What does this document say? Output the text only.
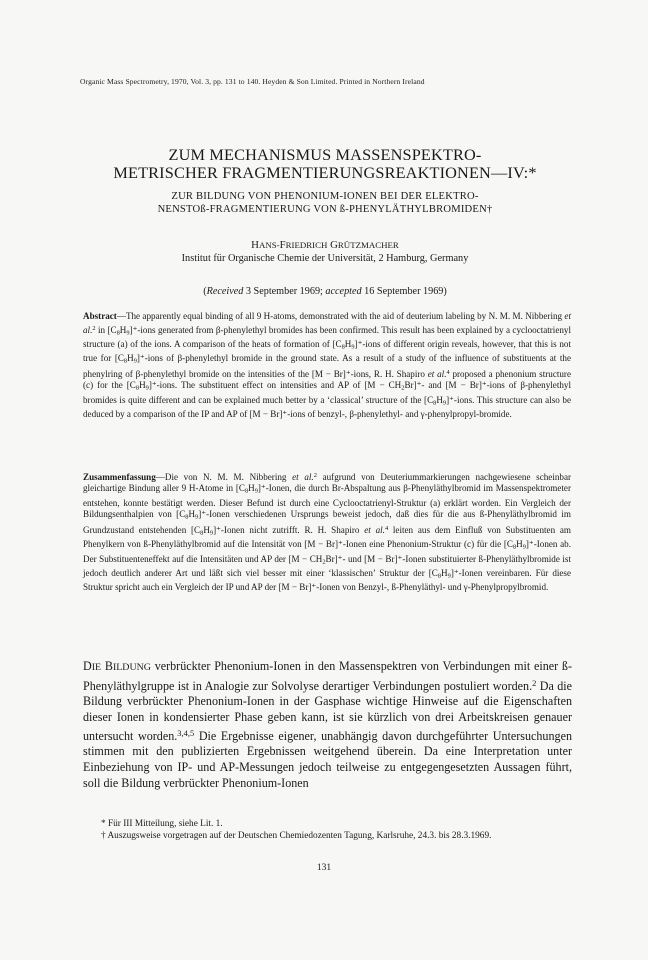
Organic Mass Spectrometry, 1970, Vol. 3, pp. 131 to 140. Heyden & Son Limited. Printed in Northern Ireland
ZUM MECHANISMUS MASSENSPEKTRO-
METRISCHER FRAGMENTIERUNGSREAKTIONEN—IV:*
ZUR BILDUNG VON PHENONIUM-IONEN BEI DER ELEKTRO-
NENSTOß-FRAGMENTIERUNG VON ß-PHENYLÄTHYLBROMIDEN†
HANS-FRIEDRICH GRÜTZMACHER
Institut für Organische Chemie der Universität, 2 Hamburg, Germany
(Received 3 September 1969; accepted 16 September 1969)
Abstract—The apparently equal binding of all 9 H-atoms, demonstrated with the aid of deuterium labeling by N. M. M. Nibbering et al.$^2$ in $[C_8H_9]^+$-ions generated from β-phenylethyl bromides has been confirmed. This result has been explained by a cyclooctatrienyl structure (a) of the ions. A comparison of the heats of formation of $[C_8H_9]^+$-ions of different origin reveals, however, that this is not true for $[C_8H_9]^+$-ions of β-phenylethyl bromide in the ground state. As a result of a study of the influence of substituents at the phenylring of β-phenylethyl bromide on the intensities of the [M − Br]⁺-ions, R. H. Shapiro et al.$^4$ proposed a phenonium structure (c) for the $[C_8H_9]^+$-ions. The substituent effect on intensities and AP of $[M - CH_2Br]^+-$ and [M − Br]⁺-ions of β-phenylethyl bromides is quite different and can be explained much better by a ‘classical’ structure of the $[C_8H_9]^+$-ions. This structure can also be deduced by a comparison of the IP and AP of [M − Br]⁺-ions of benzyl-, β-phenylethyl- and γ-phenylpropyl-bromide.
Zusammenfassung—Die von N. M. M. Nibbering et al.$^2$ aufgrund von Deuteriummarkierungen nachgewiesene scheinbar gleichartige Bindung aller 9 H-Atome in $[C_8H_9]^+$-Ionen, die durch Br-Abspaltung aus β-Phenyläthylbromid im Massenspektrometer entstehen, konnte bestätigt werden. Dieser Befund ist durch eine Cyclooctatrienyl-Struktur (a) erklärt worden. Ein Vergleich der Bildungsenthalpien von $[C_8H_9]^+$-Ionen verschiedenen Ursprungs beweist jedoch, daß dies für die aus ß-Phenyläthylbromid im Grundzustand entstehenden $[C_8H_9]^+$-Ionen nicht zutrifft. R. H. Shapiro et al.$^4$ leiten aus dem Einfluß von Substituenten am Phenylkern von ß-Phenyläthylbromid auf die Intensität von [M − Br]⁺-Ionen eine Phenonium-Struktur (c) für die $[C_8H_9]^+$-Ionen ab. Der Substituenteneffekt auf die Intensitäten und AP der $[M - CH_2Br]^+-$ und [M − Br]⁺-Ionen substituierter ß-Phenyläthylbromide ist jedoch deutlich anderer Art und läßt sich viel besser mit einer ‘klassischen’ Struktur der $[C_8H_9]^+$-Ionen vereinbaren. Für diese Struktur spricht auch ein Vergleich der IP und AP der [M − Br]⁺-Ionen von Benzyl-, ß-Phenyläthyl- und γ-Phenylpropylbromid.
DIE BILDUNG verbrückter Phenonium-Ionen in den Massenspektren von Verbindungen mit einer ß-Phenyläthylgruppe ist in Analogie zur Solvolyse derartiger Verbindungen postuliert worden.$^2$ Da die Bildung verbrückter Phenonium-Ionen in der Gasphase wichtige Hinweise auf die Eigenschaften dieser Ionen in kondensierter Phase geben kann, ist sie kürzlich von drei Arbeitskreisen genauer untersucht worden.$^{3,4,5}$ Die Ergebnisse eigener, unabhängig davon durchgeführter Untersuchungen stimmen mit den publizierten Ergebnissen weitgehend überein. Da eine Interpretation unter Einbeziehung von IP- und AP-Messungen jedoch teilweise zu entgegengesetzten Aussagen führt, soll die Bildung verbrückter Phenonium-Ionen

* Für III Mitteilung, siehe Lit. 1.

† Auszugsweise vorgetragen auf der Deutschen Chemiedozenten Tagung, Karlsruhe, 24.3. bis 28.3.1969.

131
